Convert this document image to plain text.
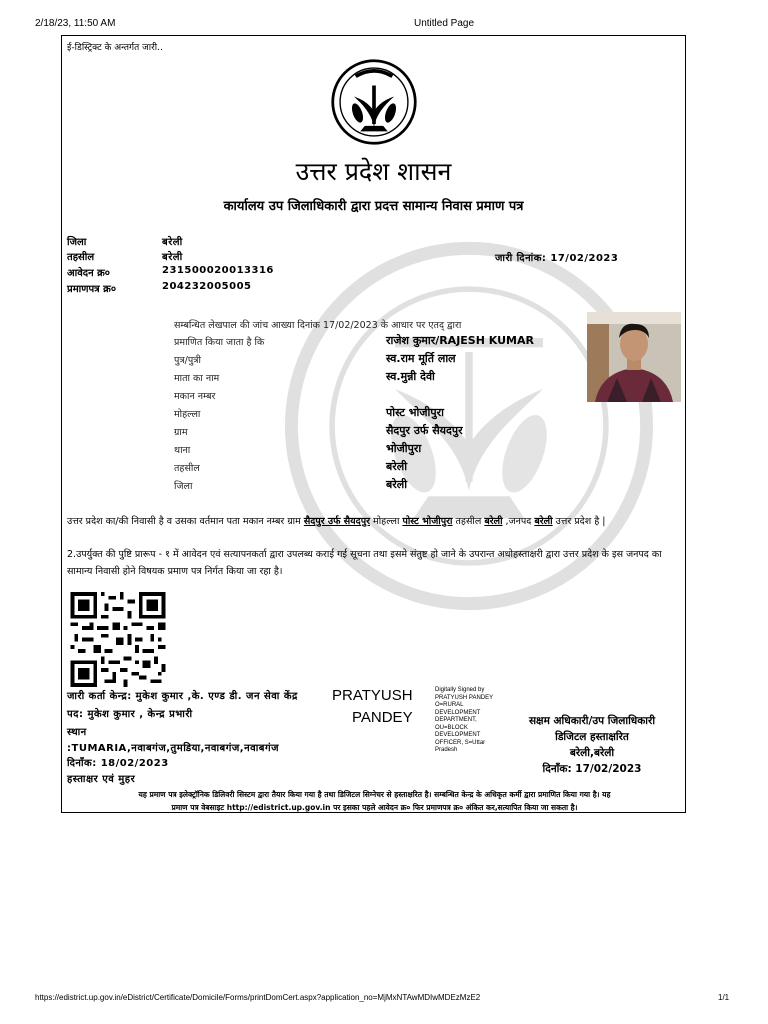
2/18/23, 11:50 AM	Untitled Page
ई-डिस्ट्रिक्ट के अन्तर्गत जारी..
उत्तर प्रदेश शासन
कार्यालय उप जिलाधिकारी द्वारा प्रदत्त सामान्य निवास प्रमाण पत्र
जिला	बरेली
तहसील	बरेली
आवेदन क्र०	231500020013316
प्रमाणपत्र क्र०	204232005005
जारी दिनांक: 17/02/2023
सम्बन्धित लेखपाल की जांच आख्या दिनांक 17/02/2023 के आधार पर एतद् द्वारा
प्रमाणित किया जाता है कि	राजेश कुमार/RAJESH KUMAR
पुत्र/पुत्री	स्व.राम मूर्ति लाल
माता का नाम	स्व.मुन्नी देवी
मकान नम्बर
मोहल्ला	पोस्ट भोजीपुरा
ग्राम	सैदपुर उर्फ सैयदपुर
थाना	भोजीपुरा
तहसील	बरेली
जिला	बरेली
उत्तर प्रदेश का/की निवासी है व उसका वर्तमान पता मकान नम्बर ग्राम सैदपुर उर्फ सैयदपुर मोहल्ला पोस्ट भोजीपुरा तहसील बरेली ,जनपद बरेली उत्तर प्रदेश है |
2.उपर्युक्त की पुष्टि प्रारूप - १ में आवेदन एवं सत्यापनकर्ता द्वारा उपलब्ध कराई गई सूचना तथा इसमे संतुष्ट हो जाने के उपरान्त अधोहस्ताक्षरी द्वारा उत्तर प्रदेश के इस जनपद का सामान्य निवासी होने विषयक प्रमाण पत्र निर्गत किया जा रहा है।
जारी कर्ता केन्द्र: मुकेश कुमार ,के. एण्ड डी. जन सेवा केंद्र
पद: मुकेश कुमार , केन्द्र प्रभारी
स्थान
:TUMARIA,नवाबगंज,तुमडिया,नवाबगंज,नवाबगंज
दिनाँक: 18/02/2023
हस्ताक्षर एवं मुहर
PRATYUSH
PANDEY
Digitally Signed by PRATYUSH PANDEY O=RURAL DEVELOPMENT DEPARTMENT, OU=BLOCK DEVELOPMENT OFFICER, S=Uttar Pradesh
सक्षम अधिकारी/उप जिलाधिकारी
डिजिटल हस्ताक्षरित
बरेली,बरेली
दिनाँक: 17/02/2023
यह प्रमाण पत्र इलेक्ट्रॉनिक डिलिवरी सिस्टम द्वारा तैयार किया गया है तथा डिजिटल सिग्नेचर से हस्ताक्षरित है। सम्बन्धित केन्द्र के अधिकृत कर्मी द्वारा प्रमाणित किया गया है। यह
प्रमाण पत्र वेबसाइट http://edistrict.up.gov.in पर इसका पहले आवेदन क्र० फिर प्रमाणपत्र क्र० अंकित कर,सत्यापित किया जा सकता है।
https://edistrict.up.gov.in/eDistrict/Certificate/Domicile/Forms/printDomCert.aspx?application_no=MjMxNTAwMDIwMDEzMzE2	1/1
